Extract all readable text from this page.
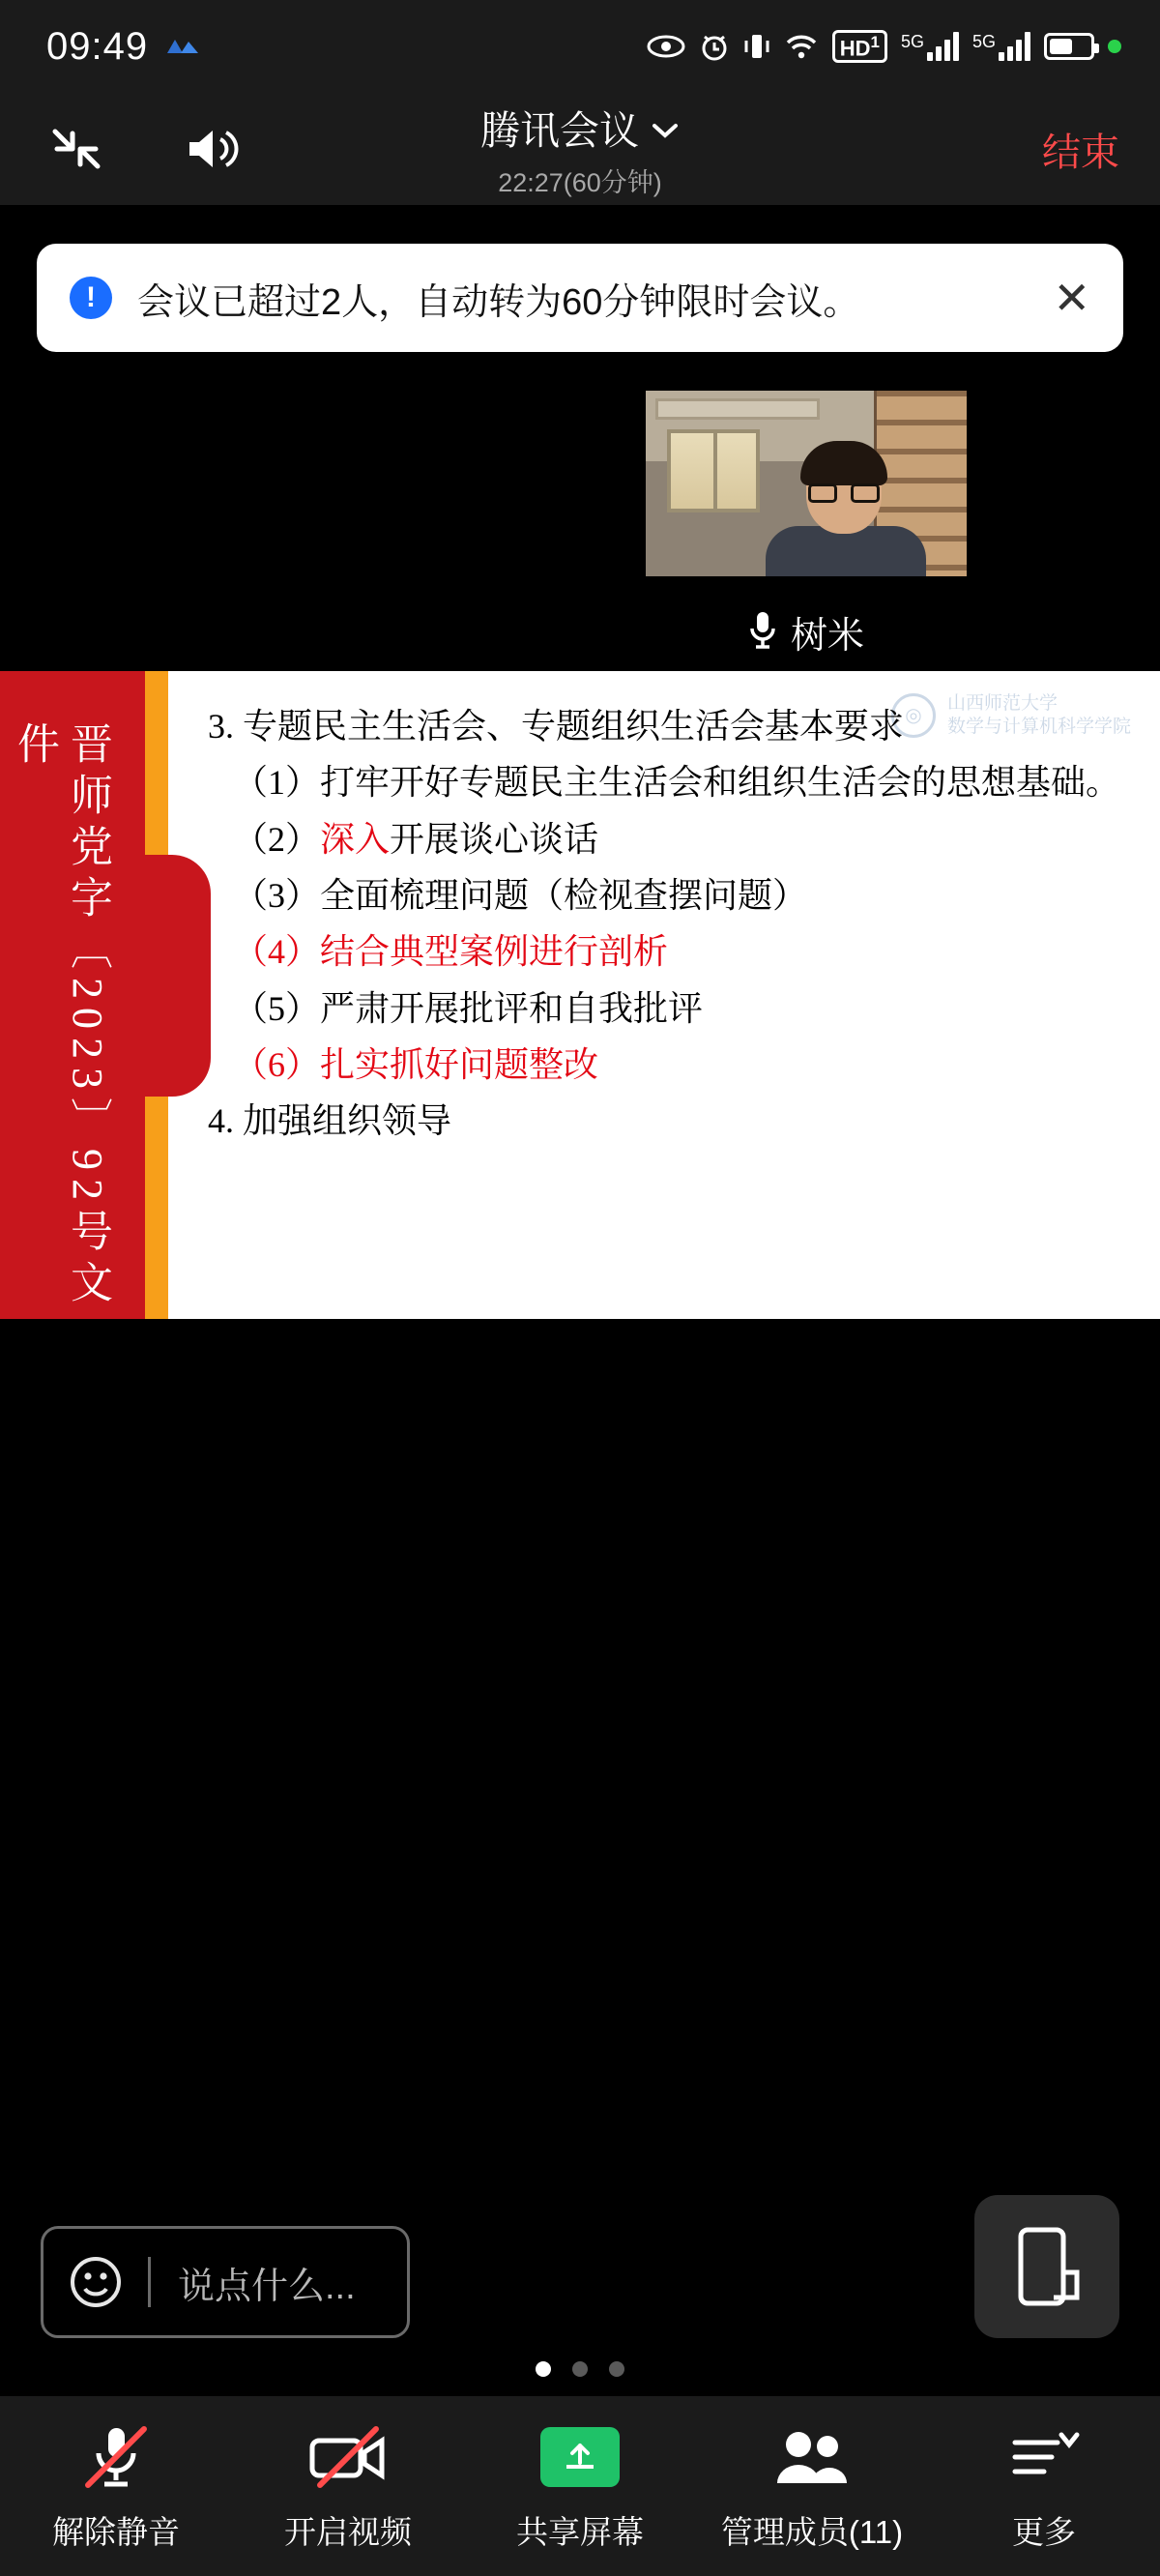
09:49	$HD^1$	5G	5G
腾讯会议
22:27(60分钟)
结束
!	会议已超过2人，自动转为60分钟限时会议。	✕
树米
晋师党字〔2023〕92号文件
◎
山西师范大学
数学与计算机科学学院
3. 专题民主生活会、专题组织生活会基本要求
（1）打牢开好专题民主生活会和组织生活会的思想基础。
（2）深入开展谈心谈话
（3）全面梳理问题（检视查摆问题）
（4）结合典型案例进行剖析
（5）严肃开展批评和自我批评
（6）扎实抓好问题整改
4. 加强组织领导
说点什么...
解除静音	开启视频	共享屏幕 管理成员(11)	更多
